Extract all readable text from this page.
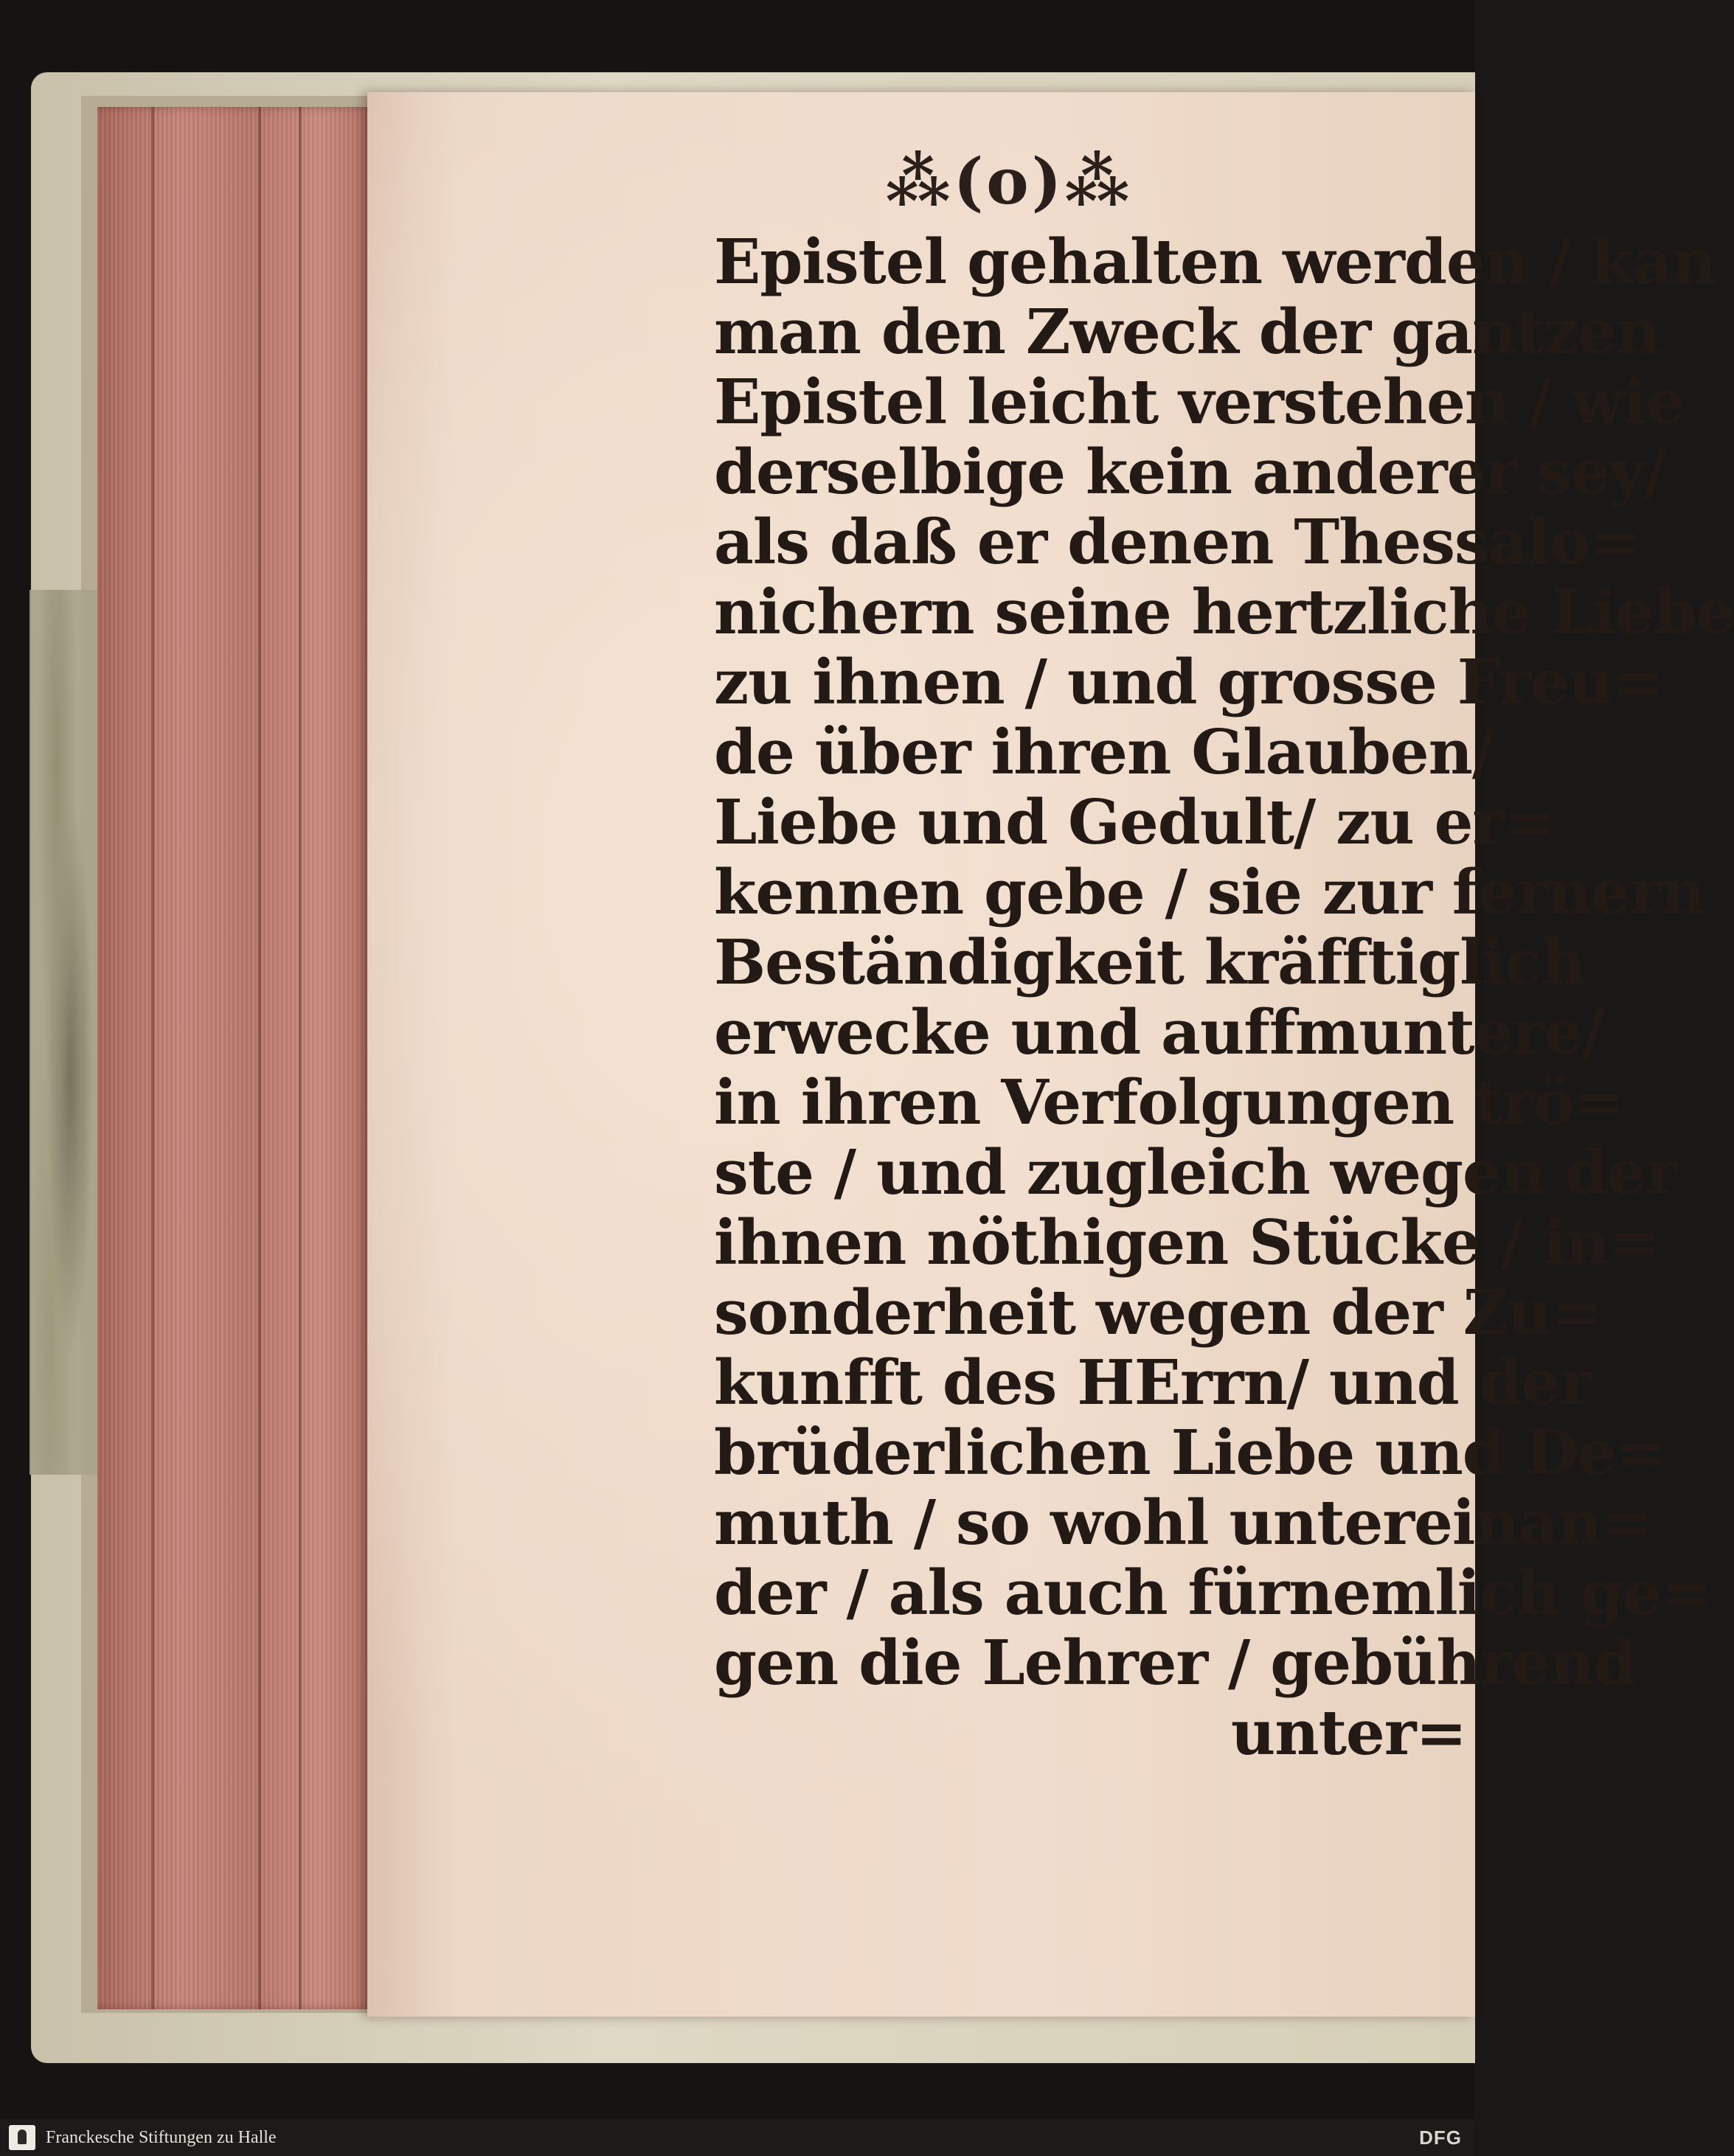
⁂(o)⁂
Epistel gehalten werden / kan
man den Zweck der gantzen
Epistel leicht verstehen / wie
derselbige kein anderer sey/
als daß er denen Thessalo=
nichern seine hertzliche Liebe
zu ihnen / und grosse Freu=
de über ihren Glauben/
Liebe und Gedult/ zu er=
kennen gebe / sie zur fernern
Beständigkeit kräfftiglich
erwecke und auffmuntere/
in ihren Verfolgungen trö=
ste / und zugleich wegen der
ihnen nöthigen Stücke / in=
sonderheit wegen der Zu=
kunfft des HErrn/ und der
brüderlichen Liebe und De=
muth / so wohl untereinan=
der / als auch fürnemlich ge=
gen die Lehrer / gebührend
unter=
Franckesche Stiftungen zu Halle	DFG
